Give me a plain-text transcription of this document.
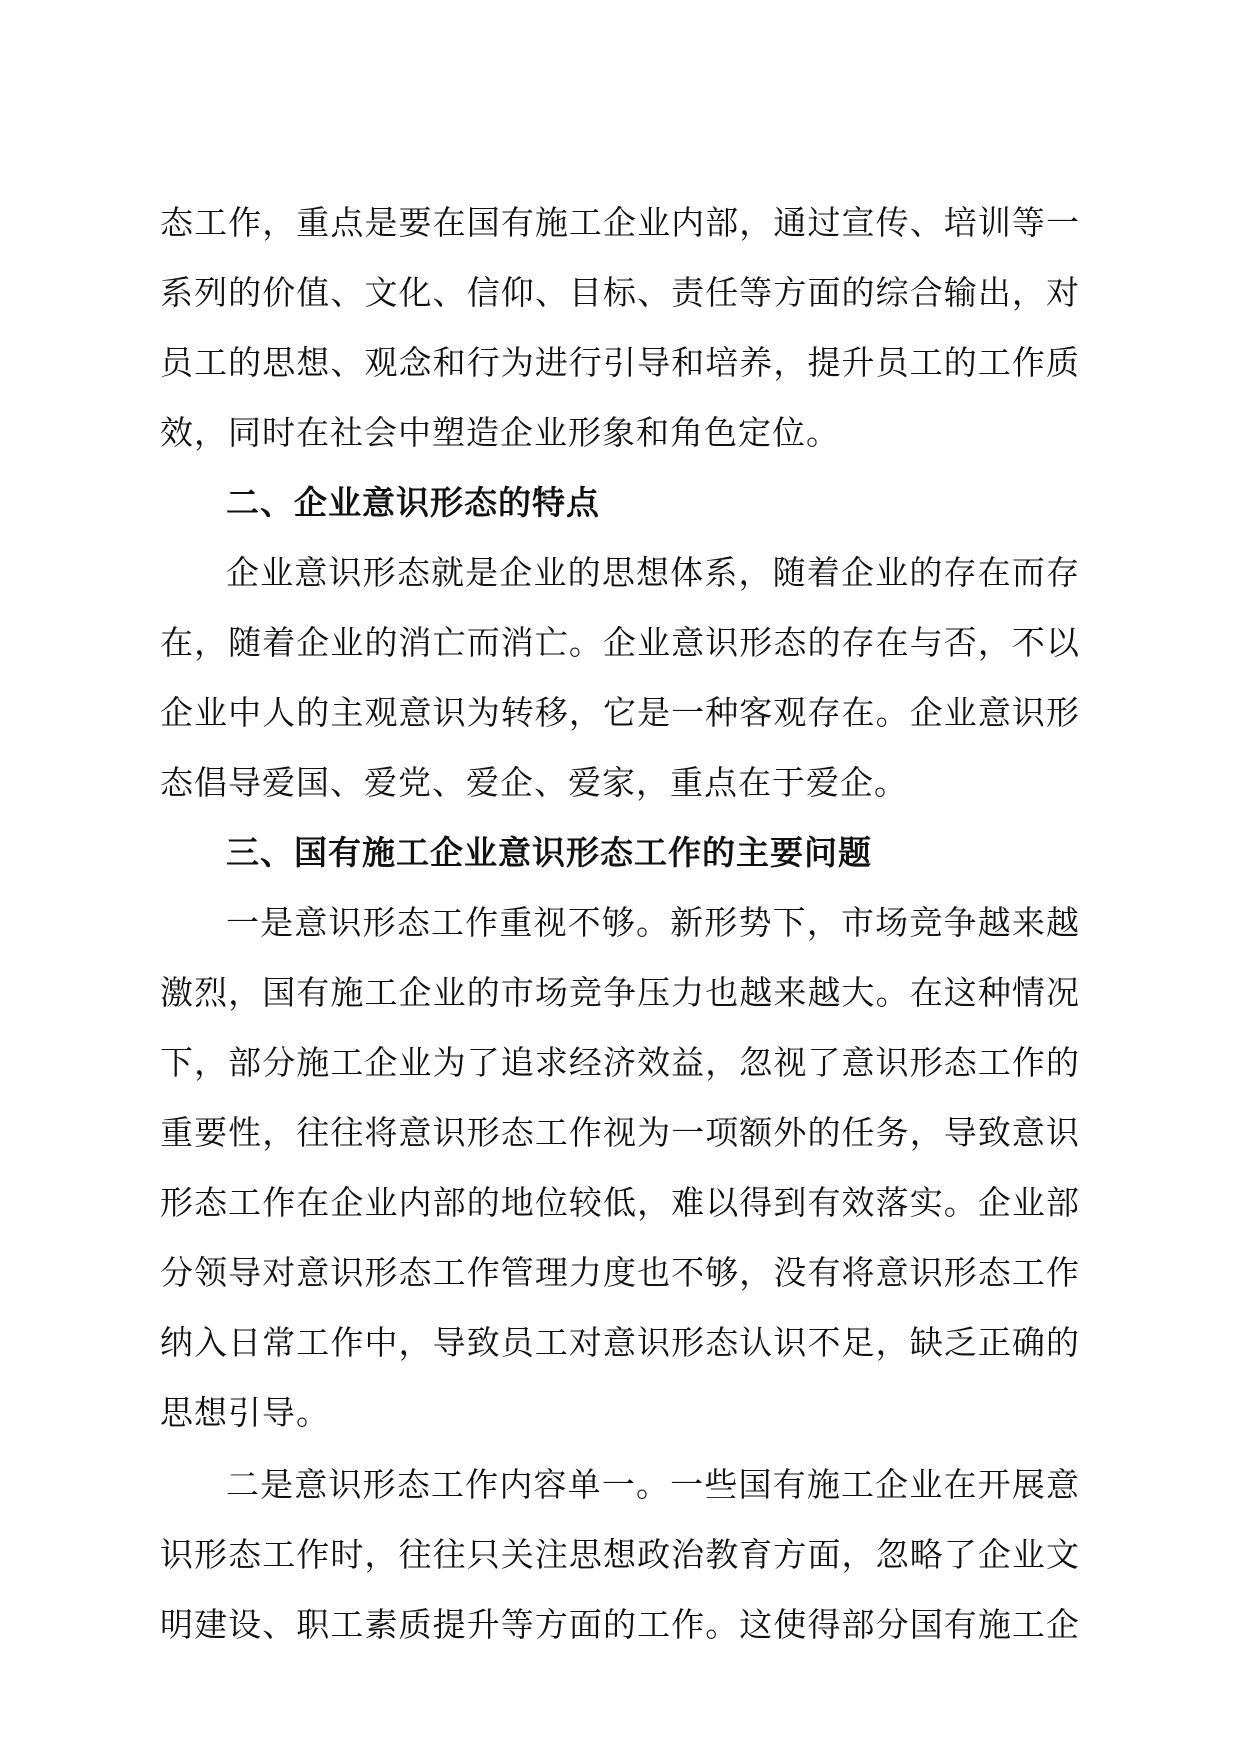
态工作，重点是要在国有施工企业内部，通过宣传、培训等一
系列的价值、文化、信仰、目标、责任等方面的综合输出，对
员工的思想、观念和行为进行引导和培养，提升员工的工作质
效，同时在社会中塑造企业形象和角色定位。
二、企业意识形态的特点
企业意识形态就是企业的思想体系，随着企业的存在而存
在，随着企业的消亡而消亡。企业意识形态的存在与否，不以
企业中人的主观意识为转移，它是一种客观存在。企业意识形
态倡导爱国、爱党、爱企、爱家，重点在于爱企。
三、国有施工企业意识形态工作的主要问题
一是意识形态工作重视不够。新形势下，市场竞争越来越
激烈，国有施工企业的市场竞争压力也越来越大。在这种情况
下，部分施工企业为了追求经济效益，忽视了意识形态工作的
重要性，往往将意识形态工作视为一项额外的任务，导致意识
形态工作在企业内部的地位较低，难以得到有效落实。企业部
分领导对意识形态工作管理力度也不够，没有将意识形态工作
纳入日常工作中，导致员工对意识形态认识不足，缺乏正确的
思想引导。
二是意识形态工作内容单一。一些国有施工企业在开展意
识形态工作时，往往只关注思想政治教育方面，忽略了企业文
明建设、职工素质提升等方面的工作。这使得部分国有施工企
